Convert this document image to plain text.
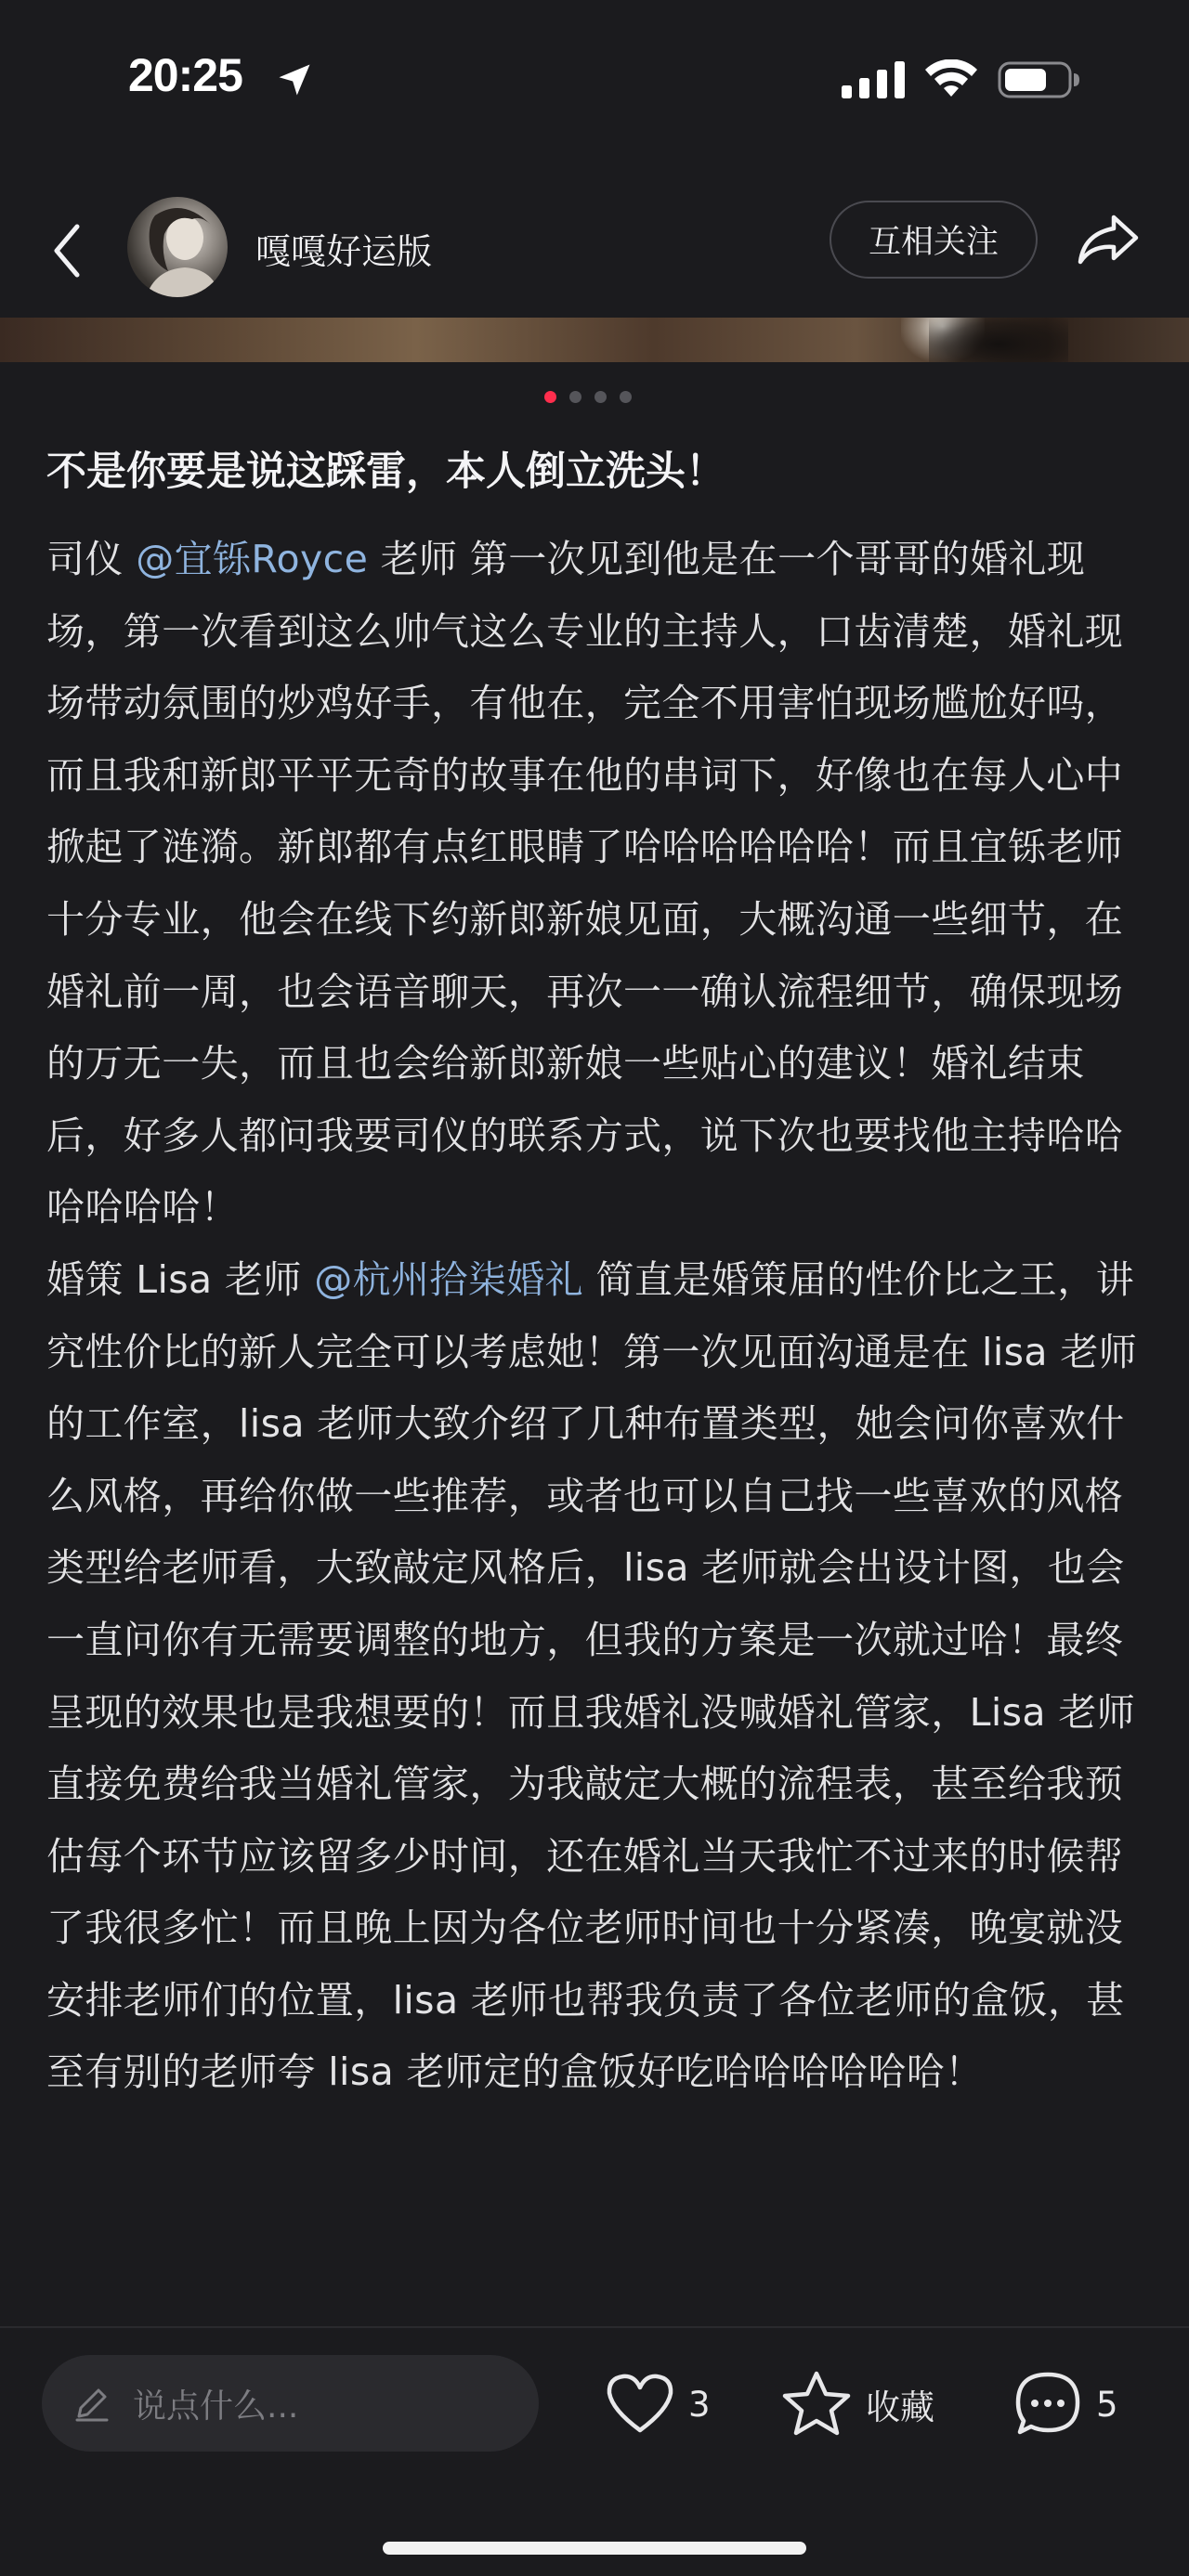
20:25
嘎嘎好运版	互相关注
不是你要是说这踩雷，本人倒立洗头！

司仪 @宜铄Royce 老师 第一次见到他是在一个哥哥的婚礼现场，第一次看到这么帅气这么专业的主持人，口齿清楚，婚礼现场带动氛围的炒鸡好手，有他在，完全不用害怕现场尴尬好吗，而且我和新郎平平无奇的故事在他的串词下，好像也在每人心中掀起了涟漪。新郎都有点红眼睛了哈哈哈哈哈哈！而且宜铄老师十分专业，他会在线下约新郎新娘见面，大概沟通一些细节，在婚礼前一周，也会语音聊天，再次一一确认流程细节，确保现场的万无一失，而且也会给新郎新娘一些贴心的建议！婚礼结束后，好多人都问我要司仪的联系方式，说下次也要找他主持哈哈哈哈哈哈！

婚策 Lisa 老师 @杭州拾柒婚礼 简直是婚策届的性价比之王，讲究性价比的新人完全可以考虑她！第一次见面沟通是在 lisa 老师的工作室，lisa 老师大致介绍了几种布置类型，她会问你喜欢什么风格，再给你做一些推荐，或者也可以自己找一些喜欢的风格类型给老师看，大致敲定风格后，lisa 老师就会出设计图，也会一直问你有无需要调整的地方，但我的方案是一次就过哈！最终呈现的效果也是我想要的！而且我婚礼没喊婚礼管家，Lisa 老师直接免费给我当婚礼管家，为我敲定大概的流程表，甚至给我预估每个环节应该留多少时间，还在婚礼当天我忙不过来的时候帮了我很多忙！而且晚上因为各位老师时间也十分紧凑，晚宴就没安排老师们的位置，lisa 老师也帮我负责了各位老师的盒饭，甚至有别的老师夸 lisa 老师定的盒饭好吃哈哈哈哈哈哈！

说点什么...	3	收藏	5
